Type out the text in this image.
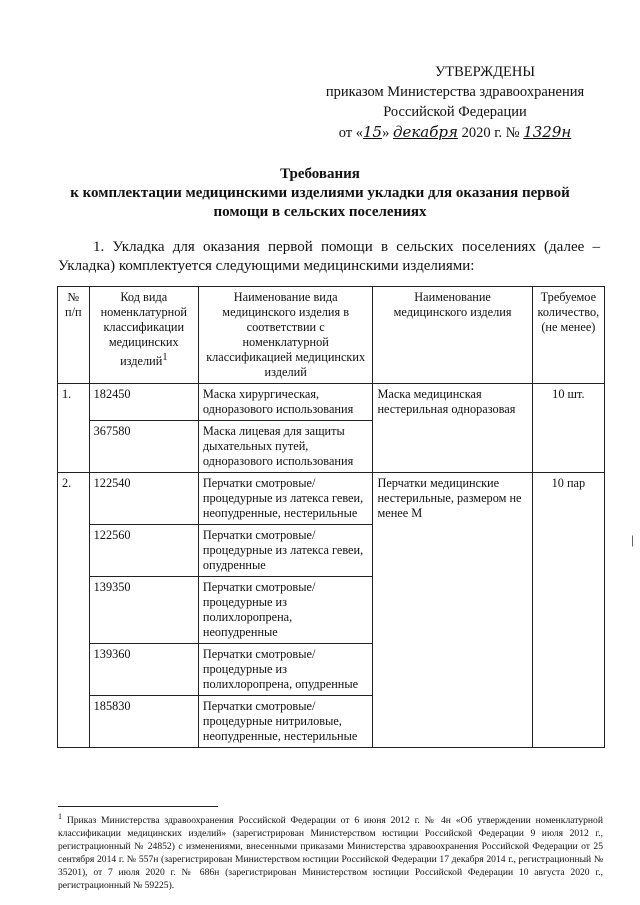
УТВЕРЖДЕНЫ
приказом Министерства здравоохранения
Российской Федерации
от «15» декабря 2020 г. № 1329н
Требования
к комплектации медицинскими изделиями укладки для оказания первой
помощи в сельских поселениях
1. Укладка для оказания первой помощи в сельских поселениях (далее – Укладка) комплектуется следующими медицинскими изделиями:
№ п/п	Код вида номенклатурной классификации медицинских изделий$^1$	Наименование вида медицинского изделия в соответствии с номенклатурной классификацией медицинских изделий	Наименование медицинского изделия	Требуемое количество, (не менее)
1.	182450	Маска хирургическая, одноразового использования	Маска медицинская нестерильная одноразовая	10 шт.
	367580	Маска лицевая для защиты дыхательных путей, одноразового использования		
2.	122540	Перчатки смотровые/процедурные из латекса гевеи, неопудренные, нестерильные	Перчатки медицинские нестерильные, размером не менее M	10 пар
	122560	Перчатки смотровые/процедурные из латекса гевеи, опудренные		
	139350	Перчатки смотровые/процедурные из полихлоропрена, неопудренные		
	139360	Перчатки смотровые/процедурные из полихлоропрена, опудренные		
	185830	Перчатки смотровые/процедурные нитриловые, неопудренные, нестерильные		
|
$^1$ Приказ Министерства здравоохранения Российской Федерации от 6 июня 2012 г. № 4н «Об утверждении номенклатурной классификации медицинских изделий» (зарегистрирован Министерством юстиции Российской Федерации 9 июля 2012 г., регистрационный № 24852) с изменениями, внесенными приказами Министерства здравоохранения Российской Федерации от 25 сентября 2014 г. № 557н (зарегистрирован Министерством юстиции Российской Федерации 17 декабря 2014 г., регистрационный № 35201), от 7 июля 2020 г. № 686н (зарегистрирован Министерством юстиции Российской Федерации 10 августа 2020 г., регистрационный № 59225).
